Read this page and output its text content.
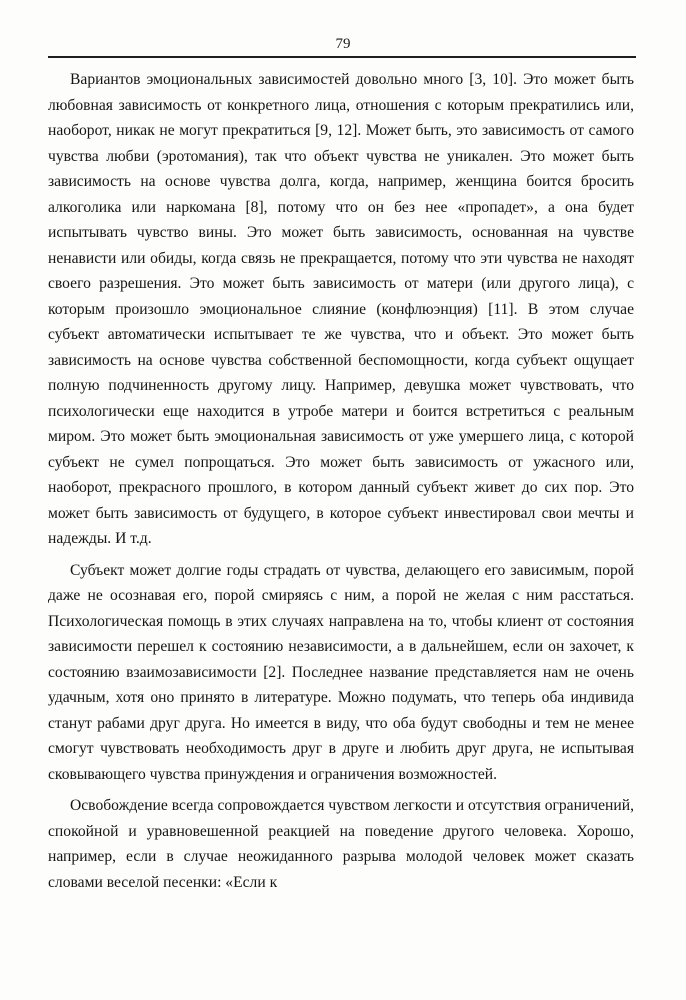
79

Вариантов эмоциональных зависимостей довольно много [3, 10]. Это может быть любовная зависимость от конкретного лица, отношения с которым прекратились или, наоборот, никак не могут прекратиться [9, 12]. Может быть, это зависимость от самого чувства любви (эротомания), так что объект чувства не уникален. Это может быть зависимость на основе чувства долга, когда, например, женщина боится бросить алкоголика или наркомана [8], потому что он без нее «пропадет», а она будет испытывать чувство вины. Это может быть зависимость, основанная на чувстве ненависти или обиды, когда связь не прекращается, потому что эти чувства не находят своего разрешения. Это может быть зависимость от матери (или другого лица), с которым произошло эмоциональное слияние (конфлюэнция) [11]. В этом случае субъект автоматически испытывает те же чувства, что и объект. Это может быть зависимость на основе чувства собственной беспомощности, когда субъект ощущает полную подчиненность другому лицу. Например, девушка может чувствовать, что психологически еще находится в утробе матери и боится встретиться с реальным миром. Это может быть эмоциональная зависимость от уже умершего лица, с которой субъект не сумел попрощаться. Это может быть зависимость от ужасного или, наоборот, прекрасного прошлого, в котором данный субъект живет до сих пор. Это может быть зависимость от будущего, в которое субъект инвестировал свои мечты и надежды. И т.д.

Субъект может долгие годы страдать от чувства, делающего его зависимым, порой даже не осознавая его, порой смиряясь с ним, а порой не желая с ним расстаться. Психологическая помощь в этих случаях направлена на то, чтобы клиент от состояния зависимости перешел к состоянию независимости, а в дальнейшем, если он захочет, к состоянию взаимозависимости [2]. Последнее название представляется нам не очень удачным, хотя оно принято в литературе. Можно подумать, что теперь оба индивида станут рабами друг друга. Но имеется в виду, что оба будут свободны и тем не менее смогут чувствовать необходимость друг в друге и любить друг друга, не испытывая сковывающего чувства принуждения и ограничения возможностей.

Освобождение всегда сопровождается чувством легкости и отсутствия ограничений, спокойной и уравновешенной реакцией на поведение другого человека. Хорошо, например, если в случае неожиданного разрыва молодой человек может сказать словами веселой песенки: «Если к
